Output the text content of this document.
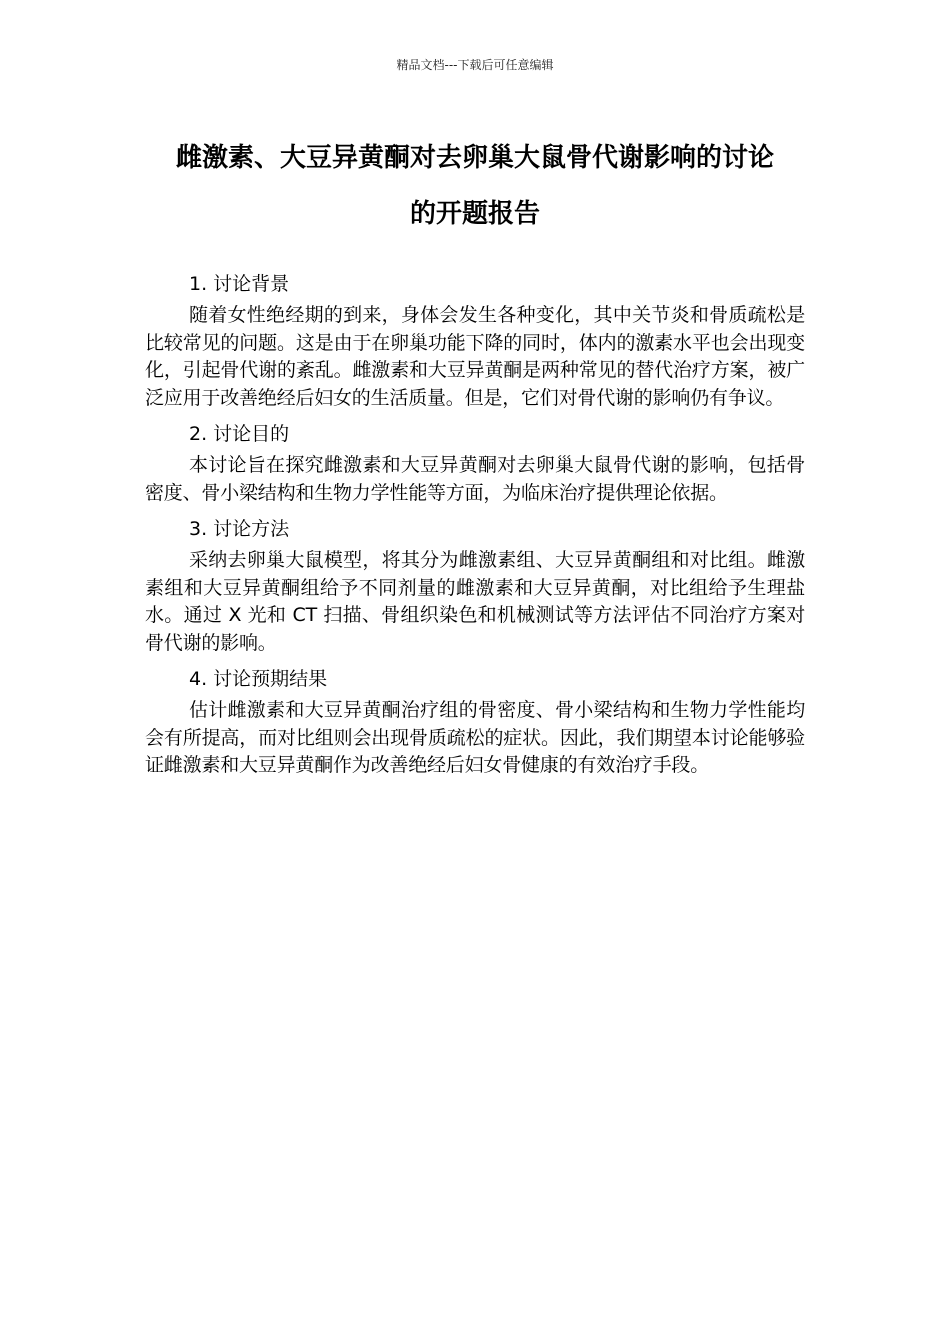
精品文档---下载后可任意编辑
雌激素、大豆异黄酮对去卵巢大鼠骨代谢影响的讨论
的开题报告
1. 讨论背景

随着女性绝经期的到来，身体会发生各种变化，其中关节炎和骨质疏松是比较常见的问题。这是由于在卵巢功能下降的同时，体内的激素水平也会出现变化，引起骨代谢的紊乱。雌激素和大豆异黄酮是两种常见的替代治疗方案，被广泛应用于改善绝经后妇女的生活质量。但是，它们对骨代谢的影响仍有争议。

2. 讨论目的

本讨论旨在探究雌激素和大豆异黄酮对去卵巢大鼠骨代谢的影响，包括骨密度、骨小梁结构和生物力学性能等方面，为临床治疗提供理论依据。

3. 讨论方法

采纳去卵巢大鼠模型，将其分为雌激素组、大豆异黄酮组和对比组。雌激素组和大豆异黄酮组给予不同剂量的雌激素和大豆异黄酮，对比组给予生理盐水。通过 X 光和 CT 扫描、骨组织染色和机械测试等方法评估不同治疗方案对骨代谢的影响。

4. 讨论预期结果

估计雌激素和大豆异黄酮治疗组的骨密度、骨小梁结构和生物力学性能均会有所提高，而对比组则会出现骨质疏松的症状。因此，我们期望本讨论能够验证雌激素和大豆异黄酮作为改善绝经后妇女骨健康的有效治疗手段。
